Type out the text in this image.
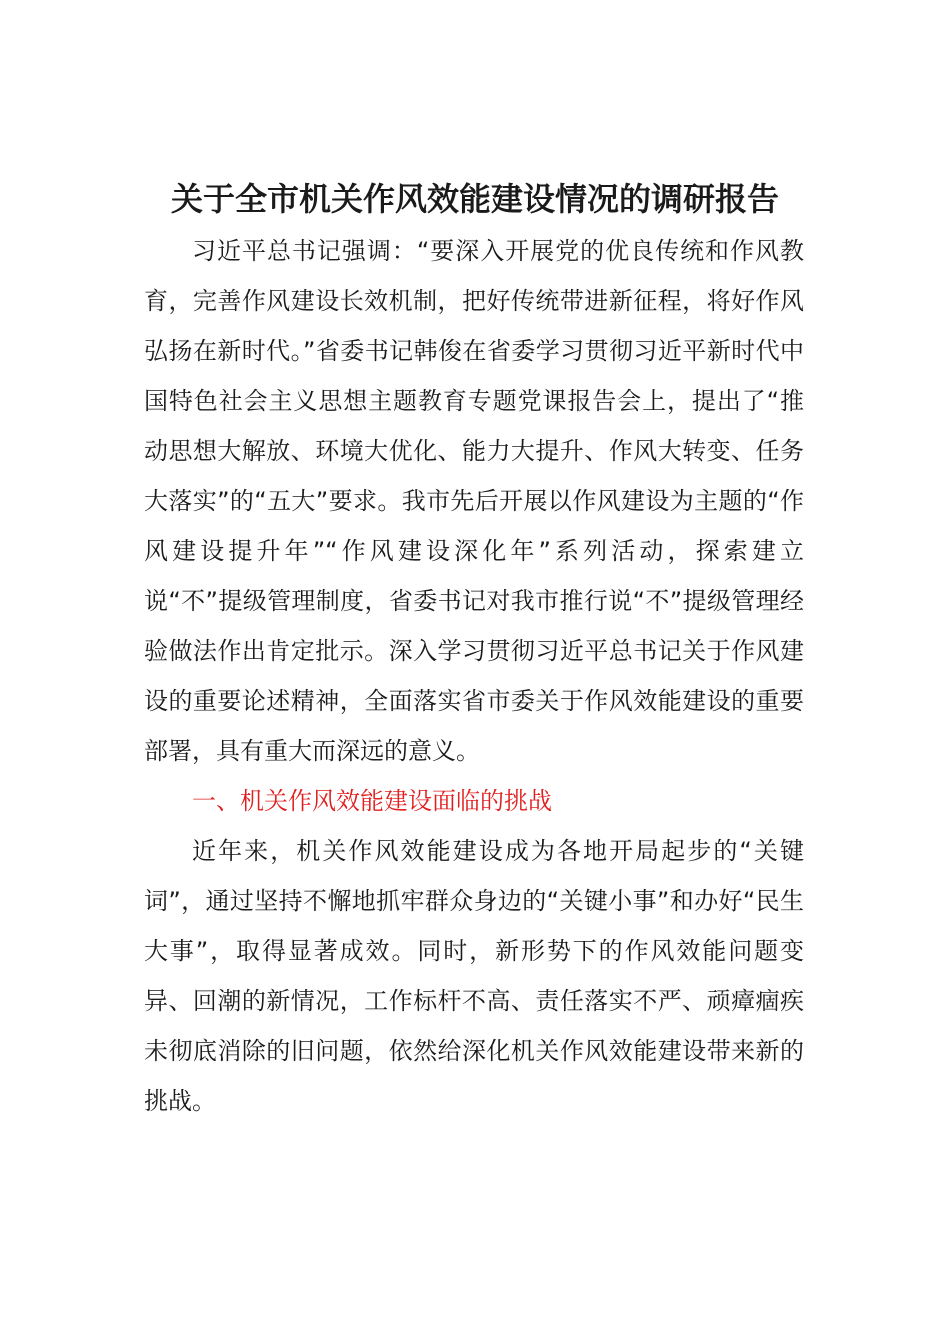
关于全市机关作风效能建设情况的调研报告

习近平总书记强调：“要深入开展党的优良传统和作风教育，完善作风建设长效机制，把好传统带进新征程，将好作风弘扬在新时代。”省委书记韩俊在省委学习贯彻习近平新时代中国特色社会主义思想主题教育专题党课报告会上，提出了“推动思想大解放、环境大优化、能力大提升、作风大转变、任务大落实”的“五大”要求。我市先后开展以作风建设为主题的“作风建设提升年”“作风建设深化年”系列活动，探索建立说“不”提级管理制度，省委书记对我市推行说“不”提级管理经验做法作出肯定批示。深入学习贯彻习近平总书记关于作风建设的重要论述精神，全面落实省市委关于作风效能建设的重要部署，具有重大而深远的意义。

一、机关作风效能建设面临的挑战

近年来，机关作风效能建设成为各地开局起步的“关键词”，通过坚持不懈地抓牢群众身边的“关键小事”和办好“民生大事”，取得显著成效。同时，新形势下的作风效能问题变异、回潮的新情况，工作标杆不高、责任落实不严、顽瘴痼疾未彻底消除的旧问题，依然给深化机关作风效能建设带来新的挑战。
